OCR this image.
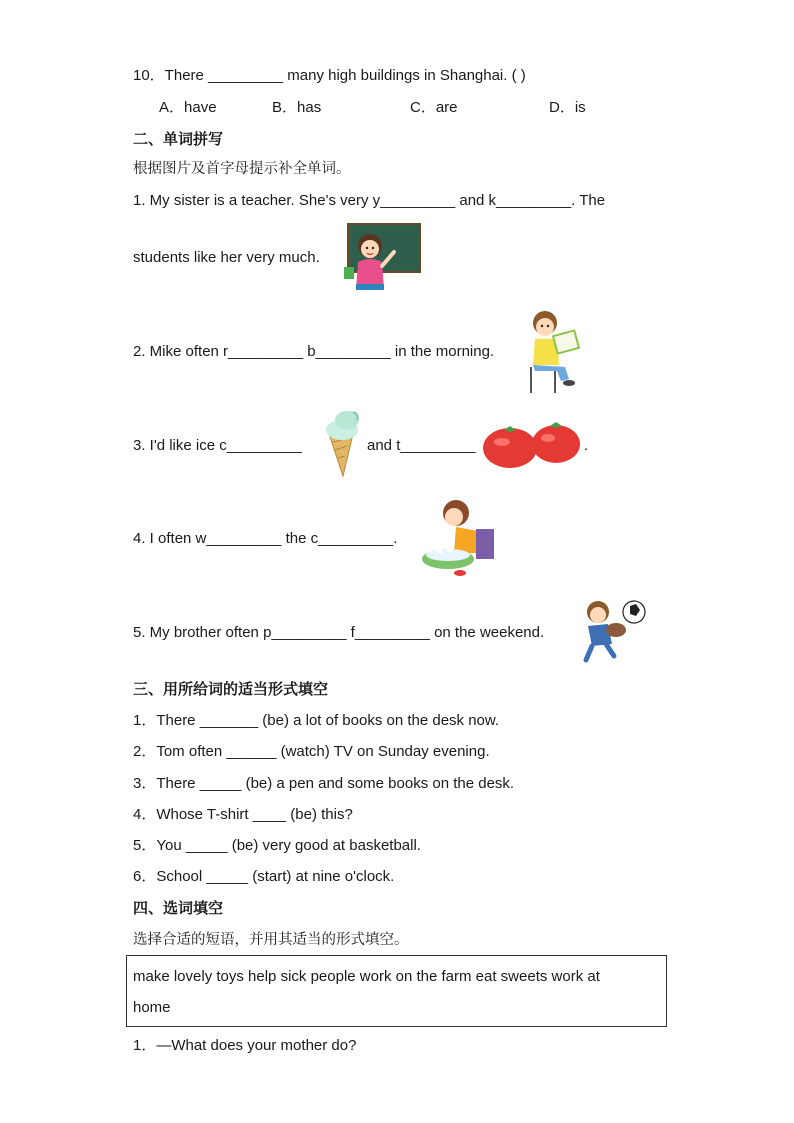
10．There _________ many high buildings in Shanghai. ( )
A．have	B．has	C．are	D．is
二、单词拼写
根据图片及首字母提示补全单词。
1. My sister is a teacher. She's very y_________ and k_________. The
students like her very much.
2. Mike often r_________ b_________ in the morning.
3. I'd like ice c_________	and t_________	.
4. I often w_________ the c_________.
5. My brother often p_________ f_________ on the weekend.
三、用所给词的适当形式填空
1．There _______ (be) a lot of books on the desk now.
2．Tom often ______ (watch) TV on Sunday evening.
3．There _____ (be) a pen and some books on the desk.
4．Whose T-shirt ____ (be) this?
5．You _____ (be) very good at basketball.
6．School _____ (start) at nine o'clock.
四、选词填空
选择合适的短语，并用其适当的形式填空。
make lovely toys help sick people work on the farm eat sweets work at
home
1．—What does your mother do?
